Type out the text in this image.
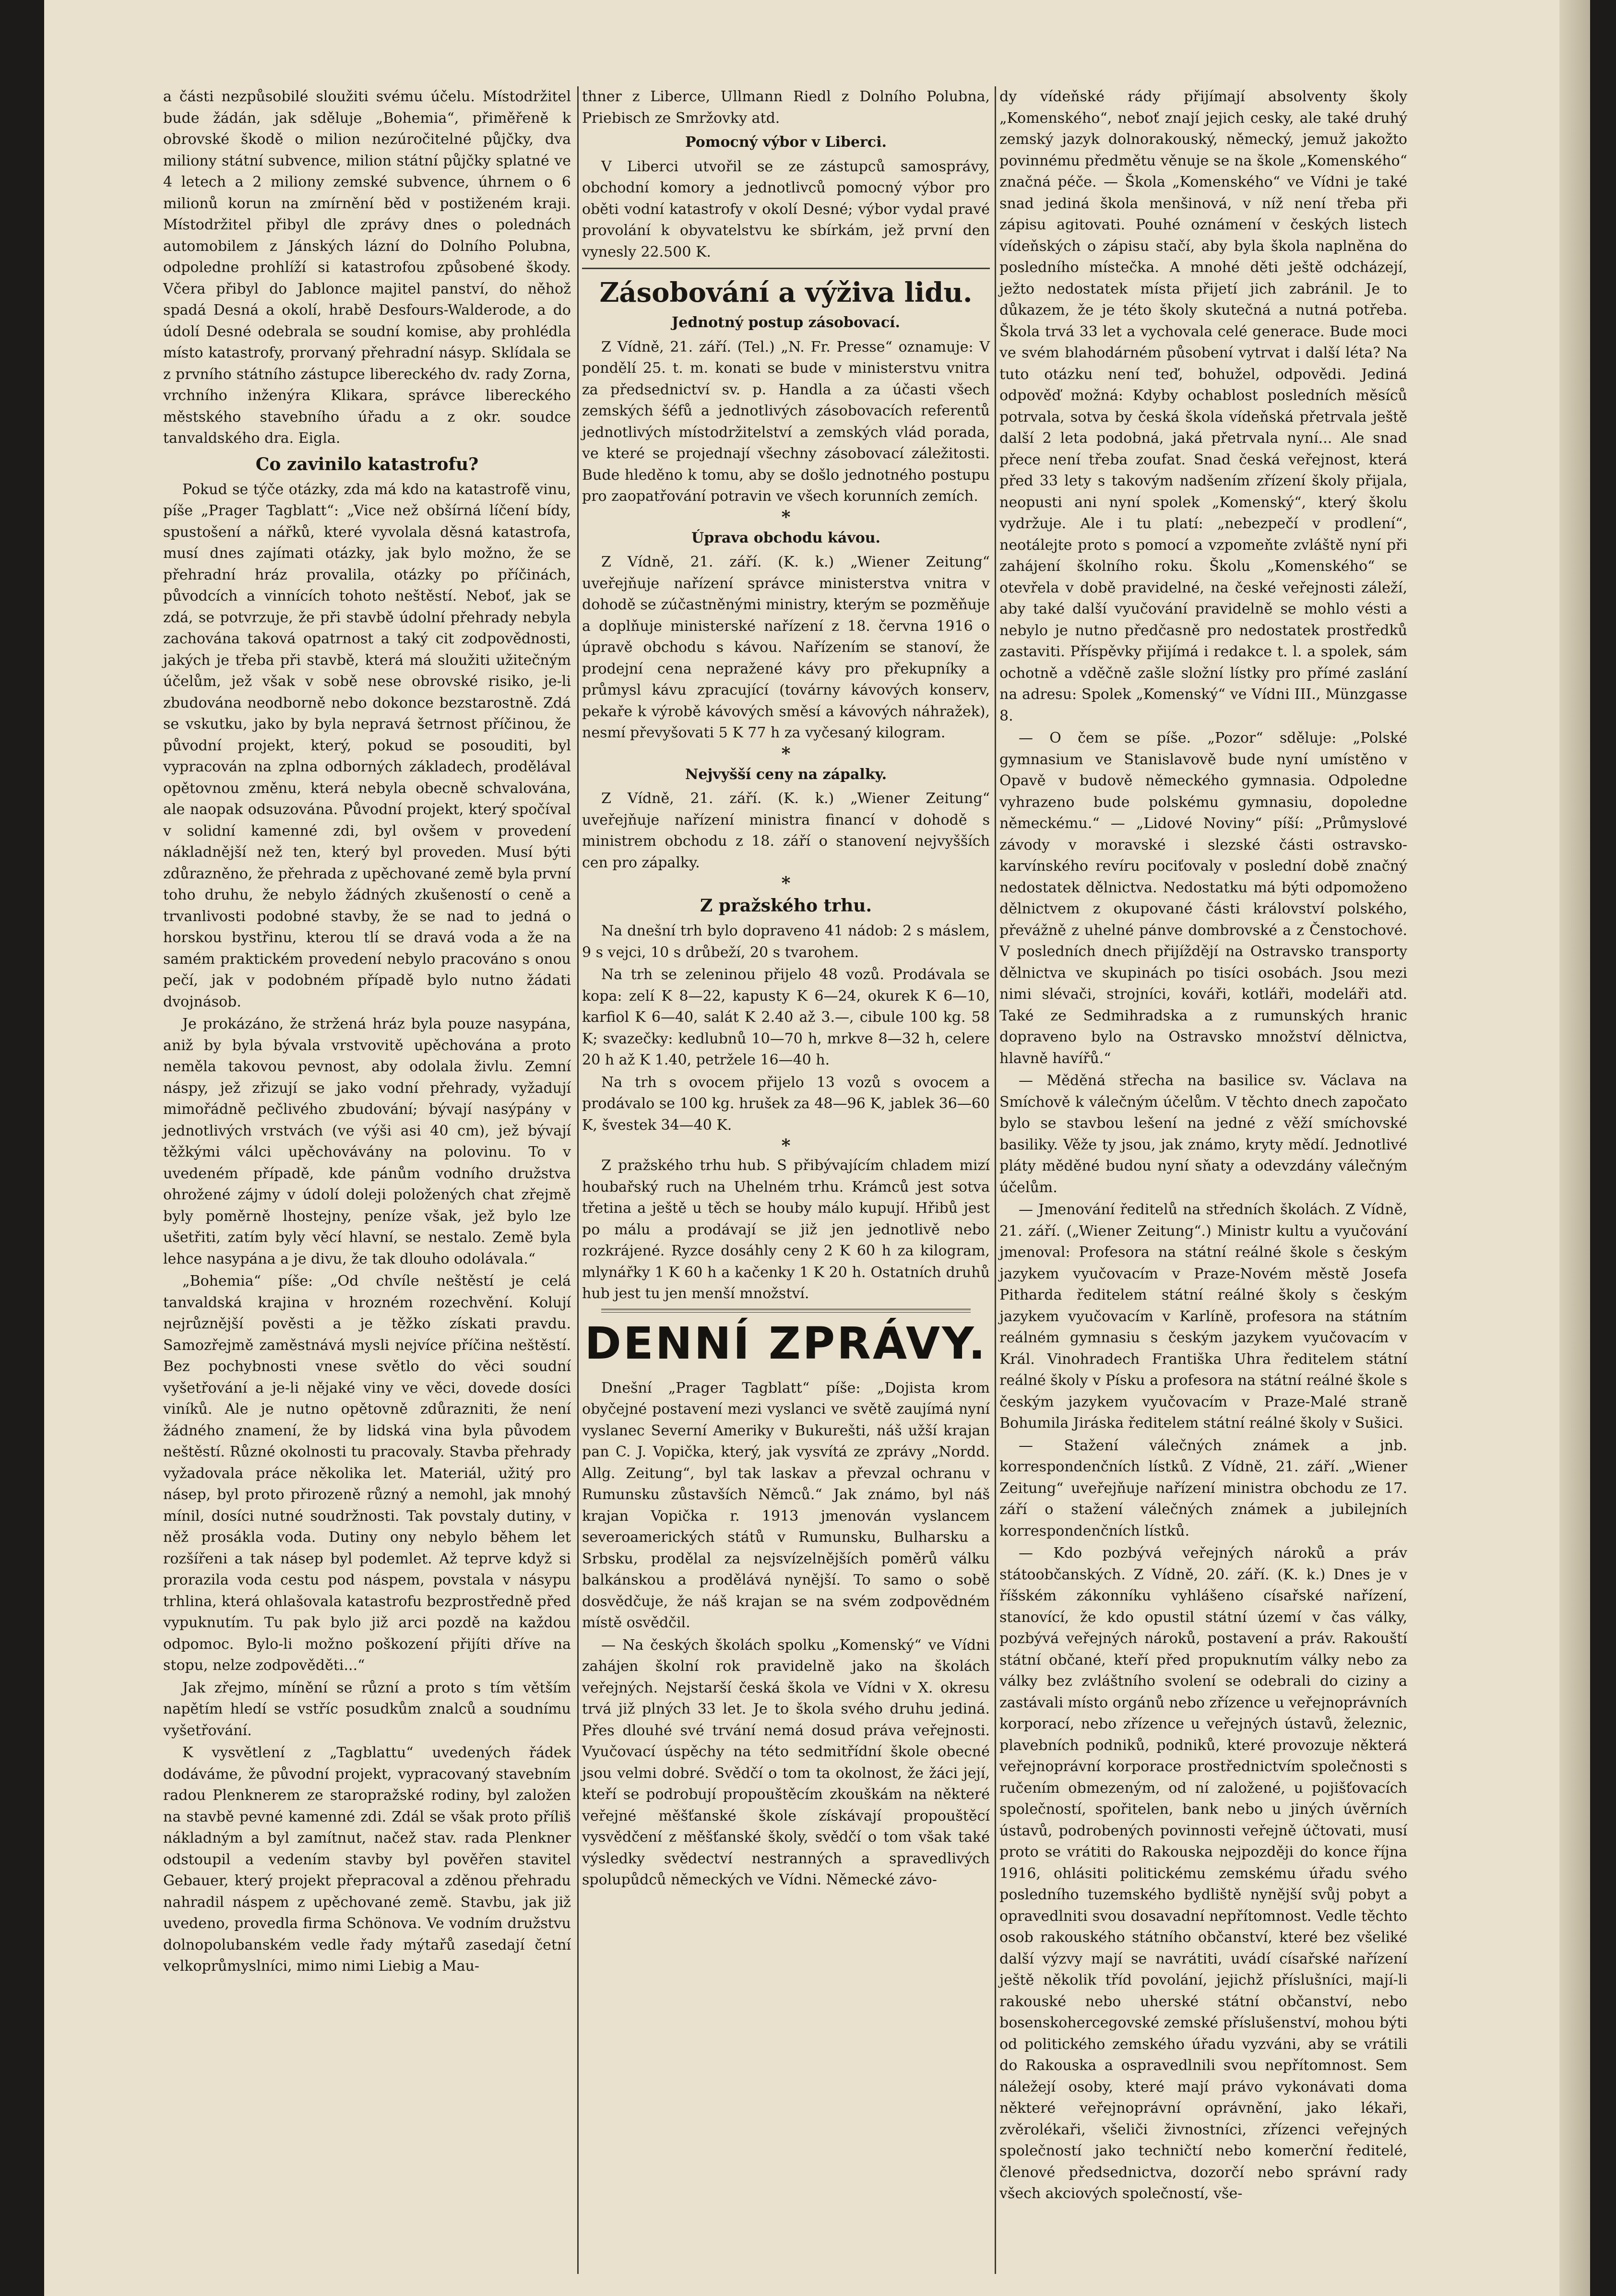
a části nezpůsobilé sloužiti svému účelu. Místodržitel bude žádán, jak sděluje „Bohemia“, přiměřeně k obrovské škodě o milion nezúročitelné půjčky, dva miliony státní subvence, milion státní půjčky splatné ve 4 letech a 2 miliony zemské subvence, úhrnem o 6 milionů korun na zmírnění běd v postiženém kraji. Místodržitel přibyl dle zprávy dnes o polednách automobilem z Jánských lázní do Dolního Polubna, odpoledne prohlíží si katastrofou způsobené škody. Včera přibyl do Jablonce majitel panství, do něhož spadá Desná a okolí, hrabě Desfours-Walderode, a do údolí Desné odebrala se soudní komise, aby prohlédla místo katastrofy, prorvaný přehradní násyp. Sklídala se z prvního státního zástupce libereckého dv. rady Zorna, vrchního inženýra Klikara, správce libereckého městského stavebního úřadu a z okr. soudce tanvaldského dra. Eigla.

Co zavinilo katastrofu?

Pokud se týče otázky, zda má kdo na katastrofě vinu, píše „Prager Tagblatt“: „Vice než obšírná líčení bídy, spustošení a nářků, které vyvolala děsná katastrofa, musí dnes zajímati otázky, jak bylo možno, že se přehradní hráz provalila, otázky po příčinách, původcích a vinnících tohoto neštěstí. Neboť, jak se zdá, se potvrzuje, že při stavbě údolní přehrady nebyla zachována taková opatrnost a taký cit zodpovědnosti, jakých je třeba při stavbě, která má sloužiti užitečným účelům, jež však v sobě nese obrovské risiko, je-li zbudována neodborně nebo dokonce bezstarostně. Zdá se vskutku, jako by byla nepravá šetrnost příčinou, že původní projekt, který, pokud se posouditi, byl vypracován na zplna odborných základech, prodělával opětovnou změnu, která nebyla obecně schvalována, ale naopak odsuzována. Původní projekt, který spočíval v solidní kamenné zdi, byl ovšem v provedení nákladnější než ten, který byl proveden. Musí býti zdůrazněno, že přehrada z upěchované země byla první toho druhu, že nebylo žádných zkušeností o ceně a trvanlivosti podobné stavby, že se nad to jedná o horskou bystřinu, kterou tlí se dravá voda a že na samém praktickém provedení nebylo pracováno s onou pečí, jak v podobném případě bylo nutno žádati dvojnásob.

Je prokázáno, že stržená hráz byla pouze nasypána, aniž by byla bývala vrstvovitě upěchována a proto neměla takovou pevnost, aby odolala živlu. Zemní náspy, jež zřizují se jako vodní přehrady, vyžadují mimořádně pečlivého zbudování; bývají nasýpány v jednotlivých vrstvách (ve výši asi 40 cm), jež bývají těžkými válci upěchovávány na polovinu. To v uvedeném případě, kde pánům vodního družstva ohrožené zájmy v údolí doleji položených chat zřejmě byly poměrně lhostejny, peníze však, jež bylo lze ušetřiti, zatím byly věcí hlavní, se nestalo. Země byla lehce nasypána a je divu, že tak dlouho odolávala.“

„Bohemia“ píše: „Od chvíle neštěstí je celá tanvaldská krajina v hrozném rozechvění. Kolují nejrůznější pověsti a je těžko získati pravdu. Samozřejmě zaměstnává mysli nejvíce příčina neštěstí. Bez pochybnosti vnese světlo do věci soudní vyšetřování a je-li nějaké viny ve věci, dovede dosíci viníků. Ale je nutno opětovně zdůrazniti, že není žádného znamení, že by lidská vina byla původem neštěstí. Různé okolnosti tu pracovaly. Stavba přehrady vyžadovala práce několika let. Materiál, užitý pro násep, byl proto přirozeně různý a nemohl, jak mnohý mínil, dosíci nutné soudržnosti. Tak povstaly dutiny, v něž prosákla voda. Dutiny ony nebylo během let rozšířeni a tak násep byl podemlet. Až teprve když si prorazila voda cestu pod náspem, povstala v násypu trhlina, která ohlašovala katastrofu bezprostředně před vypuknutím. Tu pak bylo již arci pozdě na každou odpomoc. Bylo-li možno poškození přijíti dříve na stopu, nelze zodpověděti...“

Jak zřejmo, mínění se různí a proto s tím větším napětím hledí se vstříc posudkům znalců a soudnímu vyšetřování.

K vysvětlení z „Tagblattu“ uvedených řádek dodáváme, že původní projekt, vypracovaný stavebním radou Plenknerem ze staropražské rodiny, byl založen na stavbě pevné kamenné zdi. Zdál se však proto příliš nákladným a byl zamítnut, načež stav. rada Plenkner odstoupil a vedením stavby byl pověřen stavitel Gebauer, který projekt přepracoval a zděnou přehradu nahradil náspem z upěchované země. Stavbu, jak již uvedeno, provedla firma Schönova. Ve vodním družstvu dolnopolubanském vedle řady mýtařů zasedají četní velkoprůmyslníci, mimo nimi Liebig a Mau-

thner z Liberce, Ullmann Riedl z Dolního Polubna, Priebisch ze Smržovky atd.

Pomocný výbor v Liberci.

V Liberci utvořil se ze zástupců samosprávy, obchodní komory a jednotlivců pomocný výbor pro oběti vodní katastrofy v okolí Desné; výbor vydal pravé provolání k obyvatelstvu ke sbírkám, jež první den vynesly 22.500 K.

Zásobování a výživa lidu.

Jednotný postup zásobovací.

Z Vídně, 21. září. (Tel.) „N. Fr. Presse“ oznamuje: V pondělí 25. t. m. konati se bude v ministerstvu vnitra za předsednictví sv. p. Handla a za účasti všech zemských šéfů a jednotlivých zásobovacích referentů jednotlivých místodržitelství a zemských vlád porada, ve které se projednají všechny zásobovací záležitosti. Bude hleděno k tomu, aby se došlo jednotného postupu pro zaopatřování potravin ve všech korunních zemích.

*

Úprava obchodu kávou.

Z Vídně, 21. září. (K. k.) „Wiener Zeitung“ uveřejňuje nařízení správce ministerstva vnitra v dohodě se zúčastněnými ministry, kterým se pozměňuje a doplňuje ministerské nařízení z 18. června 1916 o úpravě obchodu s kávou. Nařízením se stanoví, že prodejní cena nepražené kávy pro překupníky a průmysl kávu zpracující (továrny kávových konserv, pekaře k výrobě kávových směsí a kávových náhražek), nesmí převyšovati 5 K 77 h za vyčesaný kilogram.

*

Nejvyšší ceny na zápalky.

Z Vídně, 21. září. (K. k.) „Wiener Zeitung“ uveřejňuje nařízení ministra financí v dohodě s ministrem obchodu z 18. září o stanovení nejvyšších cen pro zápalky.

*

Z pražského trhu.

Na dnešní trh bylo dopraveno 41 nádob: 2 s máslem, 9 s vejci, 10 s drůbeží, 20 s tvarohem.

Na trh se zeleninou přijelo 48 vozů. Prodávala se kopa: zelí K 8—22, kapusty K 6—24, okurek K 6—10, karfiol K 6—40, salát K 2.40 až 3.—, cibule 100 kg. 58 K; svazečky: kedlubnů 10—70 h, mrkve 8—32 h, celere 20 h až K 1.40, petržele 16—40 h.

Na trh s ovocem přijelo 13 vozů s ovocem a prodávalo se 100 kg. hrušek za 48—96 K, jablek 36—60 K, švestek 34—40 K.

*

Z pražského trhu hub. S přibývajícím chladem mizí houbařský ruch na Uhelném trhu. Krámců jest sotva třetina a ještě u těch se houby málo kupují. Hřibů jest po málu a prodávají se již jen jednotlivě nebo rozkrájené. Ryzce dosáhly ceny 2 K 60 h za kilogram, mlynářky 1 K 60 h a kačenky 1 K 20 h. Ostatních druhů hub jest tu jen menší množství.

DENNÍ ZPRÁVY.

Dnešní „Prager Tagblatt“ píše: „Dojista krom obyčejné postavení mezi vyslanci ve světě zaujímá nyní vyslanec Severní Ameriky v Bukurešti, náš užší krajan pan C. J. Vopička, který, jak vysvítá ze zprávy „Nordd. Allg. Zeitung“, byl tak laskav a převzal ochranu v Rumunsku zůstavších Němců.“ Jak známo, byl náš krajan Vopička r. 1913 jmenován vyslancem severoamerických států v Rumunsku, Bulharsku a Srbsku, prodělal za nejsvízelnějších poměrů válku balkánskou a prodělává nynější. To samo o sobě dosvědčuje, že náš krajan se na svém zodpovědném místě osvědčil.

— Na českých školách spolku „Komenský“ ve Vídni zahájen školní rok pravidelně jako na školách veřejných. Nejstarší česká škola ve Vídni v X. okresu trvá již plných 33 let. Je to škola svého druhu jediná. Přes dlouhé své trvání nemá dosud práva veřejnosti. Vyučovací úspěchy na této sedmitřídní škole obecné jsou velmi dobré. Svědčí o tom ta okolnost, že žáci její, kteří se podrobují propouštěcím zkouškám na některé veřejné měšťanské škole získávají propouštěcí vysvědčení z měšťanské školy, svědčí o tom však také výsledky svědectví nestranných a spravedlivých spolupůdců německých ve Vídni. Německé závo-

dy vídeňské rády přijímají absolventy školy „Komenského“, neboť znají jejich cesky, ale také druhý zemský jazyk dolnorakouský, německý, jemuž jakožto povinnému předmětu věnuje se na škole „Komenského“ značná péče. — Škola „Komenského“ ve Vídni je také snad jediná škola menšinová, v níž není třeba při zápisu agitovati. Pouhé oznámení v českých listech vídeňských o zápisu stačí, aby byla škola naplněna do posledního místečka. A mnohé děti ještě odcházejí, ježto nedostatek místa přijetí jich zabránil. Je to důkazem, že je této školy skutečná a nutná potřeba. Škola trvá 33 let a vychovala celé generace. Bude moci ve svém blahodárném působení vytrvat i další léta? Na tuto otázku není teď, bohužel, odpovědi. Jediná odpověď možná: Kdyby ochablost posledních měsíců potrvala, sotva by česká škola vídeňská přetrvala ještě další 2 leta podobná, jaká přetrvala nyní... Ale snad přece není třeba zoufat. Snad česká veřejnost, která před 33 lety s takovým nadšením zřízení školy přijala, neopusti ani nyní spolek „Komenský“, který školu vydržuje. Ale i tu platí: „nebezpečí v prodlení“, neotálejte proto s pomocí a vzpomeňte zvláště nyní při zahájení školního roku. Školu „Komenského“ se otevřela v době pravidelné, na české veřejnosti záleží, aby také další vyučování pravidelně se mohlo vésti a nebylo je nutno předčasně pro nedostatek prostředků zastaviti. Příspěvky přijímá i redakce t. l. a spolek, sám ochotně a vděčně zašle složní lístky pro přímé zaslání na adresu: Spolek „Komenský“ ve Vídni III., Münzgasse 8.

— O čem se píše. „Pozor“ sděluje: „Polské gymnasium ve Stanislavově bude nyní umístěno v Opavě v budově německého gymnasia. Odpoledne vyhrazeno bude polskému gymnasiu, dopoledne německému.“ — „Lidové Noviny“ píší: „Průmyslové závody v moravské i slezské části ostravsko-karvínského revíru pociťovaly v poslední době značný nedostatek dělnictva. Nedostatku má býti odpomoženo dělnictvem z okupované části království polského, převážně z uhelné pánve dombrovské a z Čenstochové. V posledních dnech přijíždějí na Ostravsko transporty dělnictva ve skupinách po tisíci osobách. Jsou mezi nimi slévači, strojníci, kováři, kotláři, modeláři atd. Také ze Sedmihradska a z rumunských hranic dopraveno bylo na Ostravsko množství dělnictva, hlavně havířů.“

— Měděná střecha na basilice sv. Václava na Smíchově k válečným účelům. V těchto dnech započato bylo se stavbou lešení na jedné z věží smíchovské basiliky. Věže ty jsou, jak známo, kryty mědí. Jednotlivé pláty měděné budou nyní sňaty a odevzdány válečným účelům.

— Jmenování ředitelů na středních školách. Z Vídně, 21. září. („Wiener Zeitung“.) Ministr kultu a vyučování jmenoval: Profesora na státní reálné škole s českým jazykem vyučovacím v Praze-Novém městě Josefa Pitharda ředitelem státní reálné školy s českým jazykem vyučovacím v Karlíně, profesora na státním reálném gymnasiu s českým jazykem vyučovacím v Král. Vinohradech Františka Uhra ředitelem státní reálné školy v Písku a profesora na státní reálné škole s českým jazykem vyučovacím v Praze-Malé straně Bohumila Jiráska ředitelem státní reálné školy v Sušici.

— Stažení válečných známek a jnb. korrespondenčních lístků. Z Vídně, 21. září. „Wiener Zeitung“ uveřejňuje nařízení ministra obchodu ze 17. září o stažení válečných známek a jubilejních korrespondenčních lístků.

— Kdo pozbývá veřejných nároků a práv státoobčanských. Z Vídně, 20. září. (K. k.) Dnes je v říšském zákonníku vyhlášeno císařské nařízení, stanovící, že kdo opustil státní území v čas války, pozbývá veřejných nároků, postavení a práv. Rakouští státní občané, kteří před propuknutím války nebo za války bez zvláštního svolení se odebrali do ciziny a zastávali místo orgánů nebo zřízence u veřejnoprávních korporací, nebo zřízence u veřejných ústavů, železnic, plavebních podniků, podniků, které provozuje některá veřejnoprávní korporace prostřednictvím společnosti s ručením obmezeným, od ní založené, u pojišťovacích společností, spořitelen, bank nebo u jiných úvěrních ústavů, podrobených povinnosti veřejně účtovati, musí proto se vrátiti do Rakouska nejpozději do konce října 1916, ohlásiti politickému zemskému úřadu svého posledního tuzemského bydliště nynější svůj pobyt a opravedlniti svou dosavadní nepřítomnost. Vedle těchto osob rakouského státního občanství, které bez všeliké další výzvy mají se navrátiti, uvádí císařské nařízení ještě několik tříd povolání, jejichž příslušníci, mají-li rakouské nebo uherské státní občanství, nebo bosenskohercegovské zemské příslušenství, mohou býti od politického zemského úřadu vyzváni, aby se vrátili do Rakouska a ospravedlnili svou nepřítomnost. Sem náležejí osoby, které mají právo vykonávati doma některé veřejnoprávní oprávnění, jako lékaři, zvěrolékaři, všeliči živnostníci, zřízenci veřejných společností jako techničtí nebo komerční ředitelé, členové předsednictva, dozorčí nebo správní rady všech akciových společností, vše-
